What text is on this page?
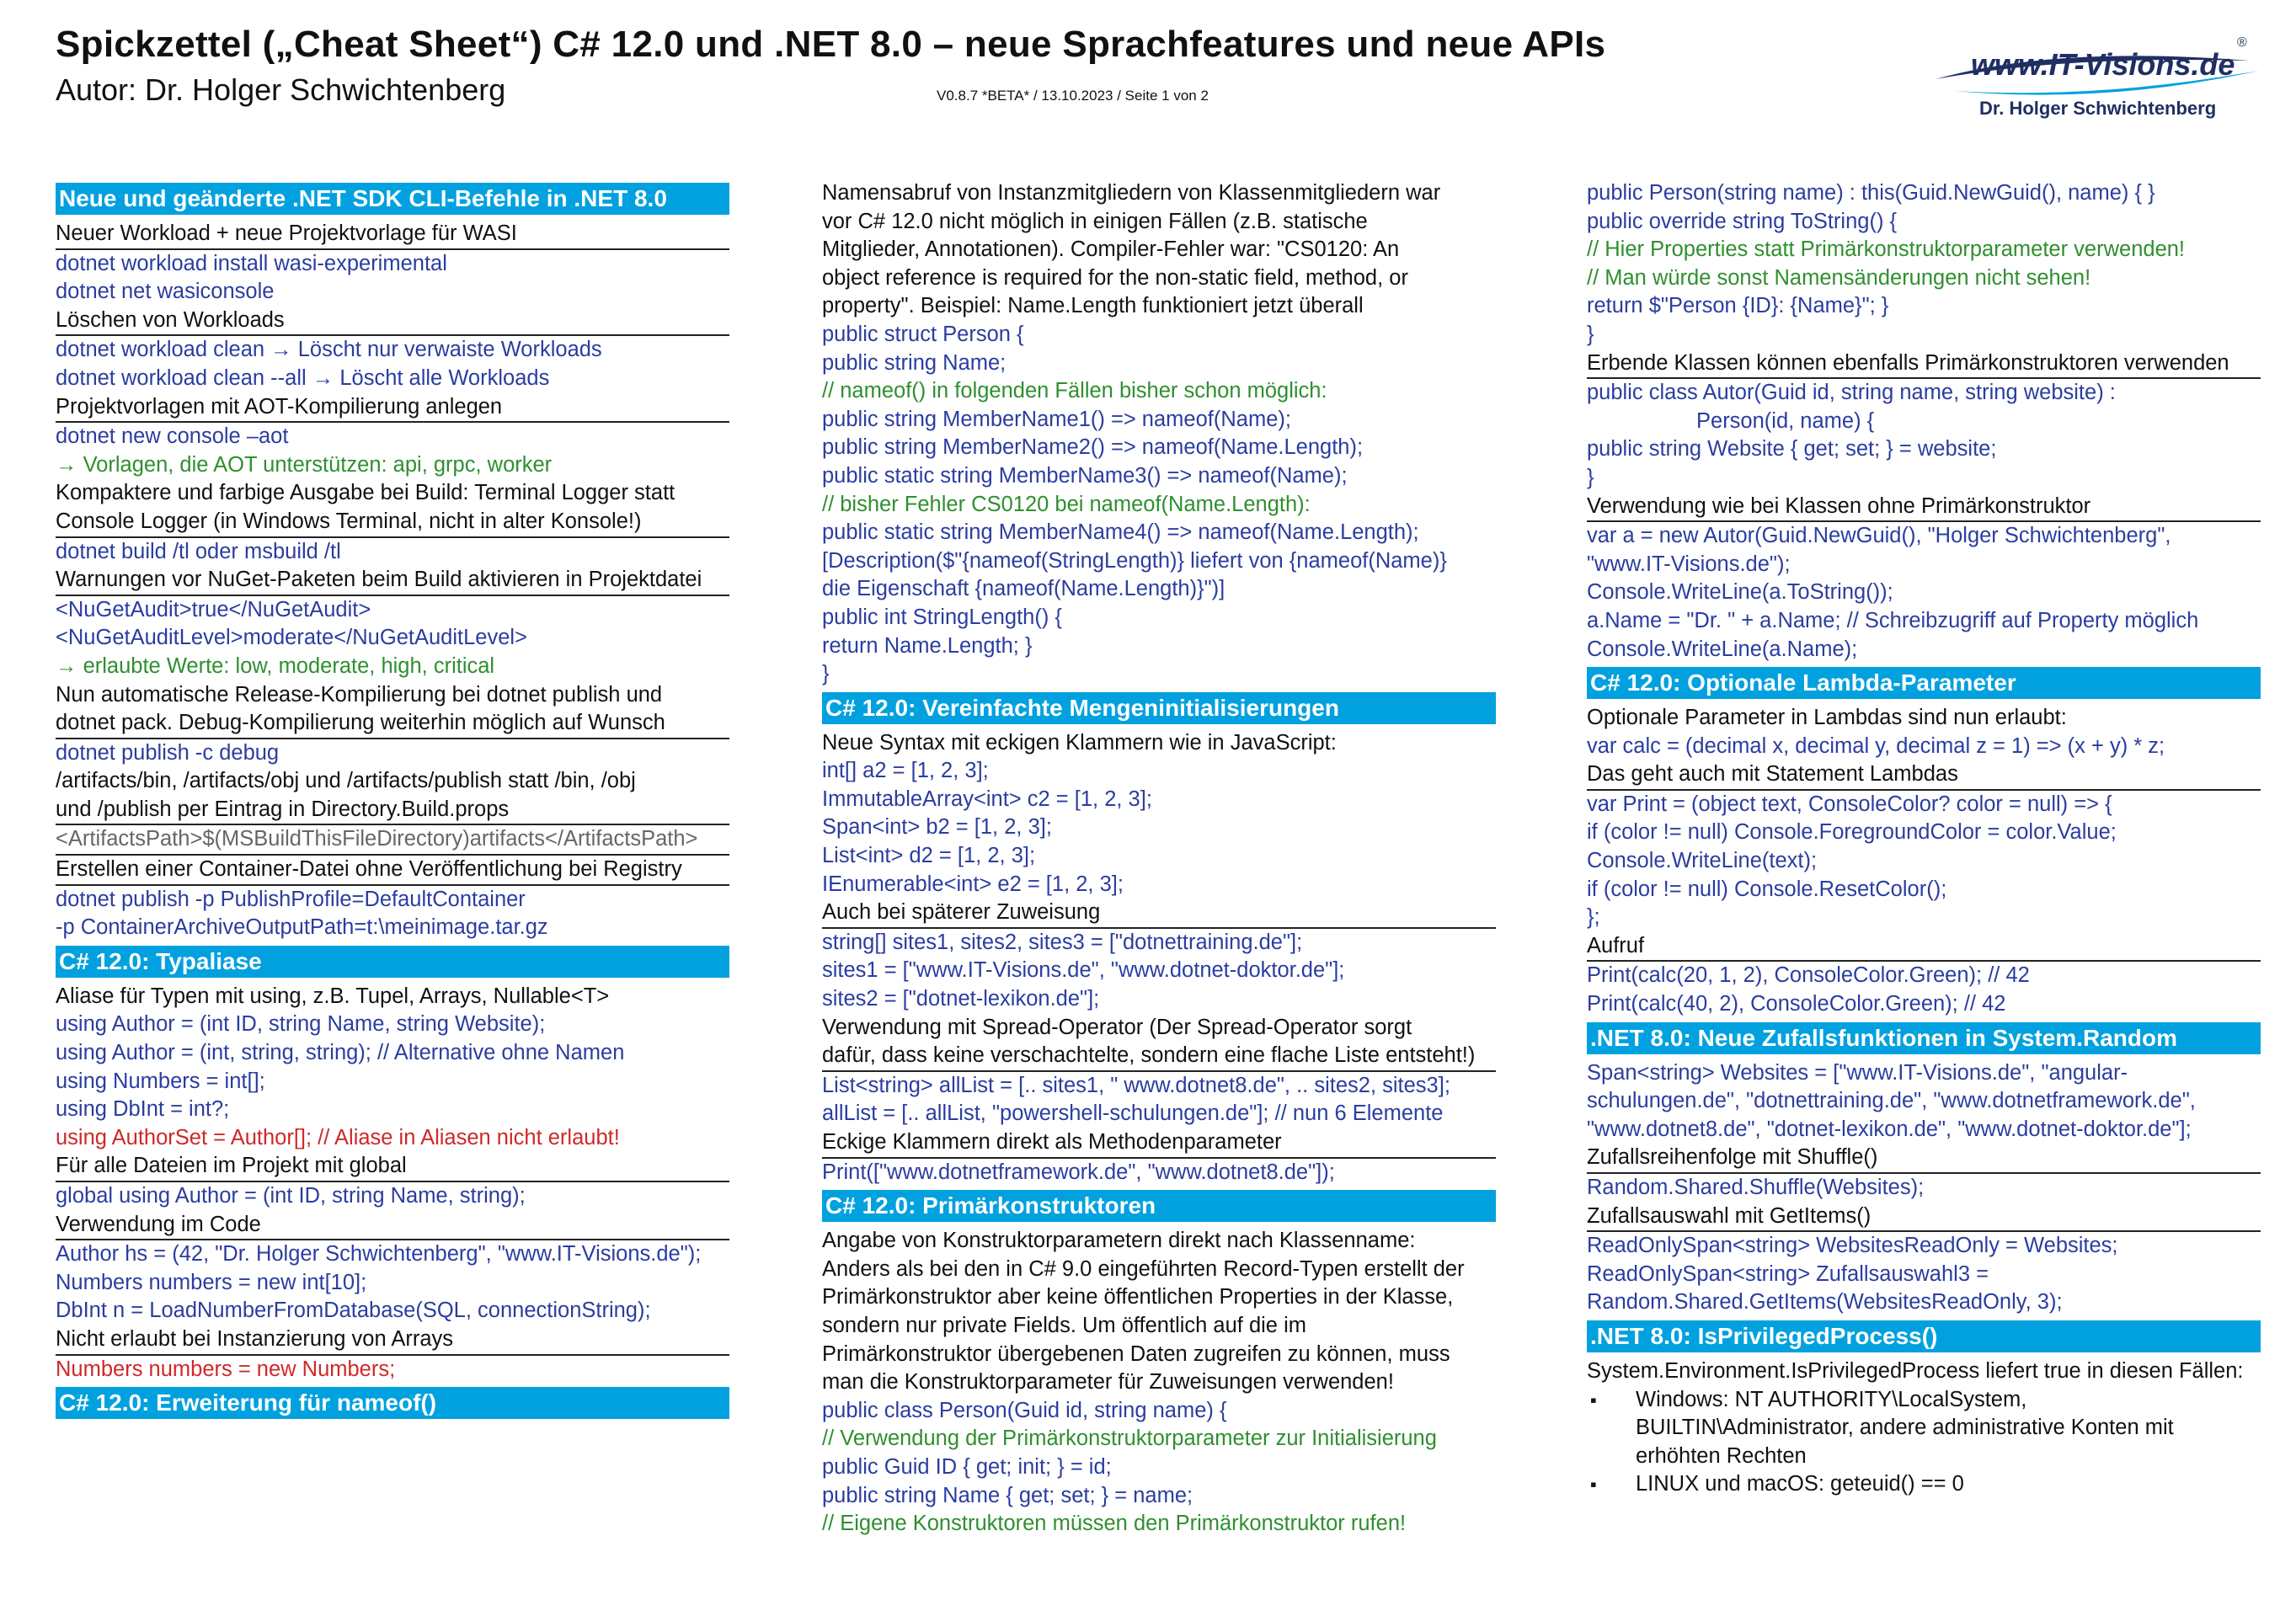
Spickzettel („Cheat Sheet“) C# 12.0 und .NET 8.0 – neue Sprachfeatures und neue APIs
Autor: Dr. Holger Schwichtenberg	V0.8.7 *BETA* / 13.10.2023 / Seite 1 von 2
www.IT-Visions.de
®
Dr. Holger Schwichtenberg
Neue und geänderte .NET SDK CLI-Befehle in .NET 8.0
Neuer Workload + neue Projektvorlage für WASI
dotnet workload install wasi-experimental
dotnet net wasiconsole
Löschen von Workloads
dotnet workload clean → Löscht nur verwaiste Workloads
dotnet workload clean --all → Löscht alle Workloads
Projektvorlagen mit AOT-Kompilierung anlegen
dotnet new console –aot
→ Vorlagen, die AOT unterstützen: api, grpc, worker
Kompaktere und farbige Ausgabe bei Build: Terminal Logger statt
Console Logger (in Windows Terminal, nicht in alter Konsole!)
dotnet build /tl oder msbuild /tl
Warnungen vor NuGet-Paketen beim Build aktivieren in Projektdatei
<NuGetAudit>true</NuGetAudit>
<NuGetAuditLevel>moderate</NuGetAuditLevel>
→ erlaubte Werte: low, moderate, high, critical
Nun automatische Release-Kompilierung bei dotnet publish und
dotnet pack. Debug-Kompilierung weiterhin möglich auf Wunsch
dotnet publish -c debug
/artifacts/bin, /artifacts/obj und /artifacts/publish statt /bin, /obj
und /publish per Eintrag in Directory.Build.props
<ArtifactsPath>$(MSBuildThisFileDirectory)artifacts</ArtifactsPath>
Erstellen einer Container-Datei ohne Veröffentlichung bei Registry
dotnet publish -p PublishProfile=DefaultContainer
-p ContainerArchiveOutputPath=t:\meinimage.tar.gz
C# 12.0: Typaliase
Aliase für Typen mit using, z.B. Tupel, Arrays, Nullable<T>
using Author = (int ID, string Name, string Website);
using Author = (int, string, string); // Alternative ohne Namen
using Numbers = int[];
using DbInt = int?;
using AuthorSet = Author[]; // Aliase in Aliasen nicht erlaubt!
Für alle Dateien im Projekt mit global
global using Author = (int ID, string Name, string);
Verwendung im Code
Author hs = (42, "Dr. Holger Schwichtenberg", "www.IT-Visions.de");
Numbers numbers = new int[10];
DbInt n = LoadNumberFromDatabase(SQL, connectionString);
Nicht erlaubt bei Instanzierung von Arrays
Numbers numbers = new Numbers;
C# 12.0: Erweiterung für nameof()
Namensabruf von Instanzmitgliedern von Klassenmitgliedern war
vor C# 12.0 nicht möglich in einigen Fällen (z.B. statische
Mitglieder, Annotationen). Compiler-Fehler war: "CS0120: An
object reference is required for the non-static field, method, or
property". Beispiel: Name.Length funktioniert jetzt überall
public struct Person {
public string Name;
// nameof() in folgenden Fällen bisher schon möglich:
public string MemberName1() => nameof(Name);
public string MemberName2() => nameof(Name.Length);
public static string MemberName3() => nameof(Name);
// bisher Fehler CS0120 bei nameof(Name.Length):
public static string MemberName4() => nameof(Name.Length);
[Description($"{nameof(StringLength)} liefert von {nameof(Name)}
die Eigenschaft {nameof(Name.Length)}")]
public int StringLength() {
return Name.Length; }
}
C# 12.0: Vereinfachte Mengeninitialisierungen
Neue Syntax mit eckigen Klammern wie in JavaScript:
int[] a2 = [1, 2, 3];
ImmutableArray<int> c2 = [1, 2, 3];
Span<int> b2 = [1, 2, 3];
List<int> d2 = [1, 2, 3];
IEnumerable<int> e2 = [1, 2, 3];
Auch bei späterer Zuweisung
string[] sites1, sites2, sites3 = ["dotnettraining.de"];
sites1 = ["www.IT-Visions.de", "www.dotnet-doktor.de"];
sites2 = ["dotnet-lexikon.de"];
Verwendung mit Spread-Operator (Der Spread-Operator sorgt
dafür, dass keine verschachtelte, sondern eine flache Liste entsteht!)
List<string> allList = [.. sites1, " www.dotnet8.de", .. sites2, sites3];
allList = [.. allList, "powershell-schulungen.de"]; // nun 6 Elemente
Eckige Klammern direkt als Methodenparameter
Print(["www.dotnetframework.de", "www.dotnet8.de"]);
C# 12.0: Primärkonstruktoren
Angabe von Konstruktorparametern direkt nach Klassenname:
Anders als bei den in C# 9.0 eingeführten Record-Typen erstellt der
Primärkonstruktor aber keine öffentlichen Properties in der Klasse,
sondern nur private Fields. Um öffentlich auf die im
Primärkonstruktor übergebenen Daten zugreifen zu können, muss
man die Konstruktorparameter für Zuweisungen verwenden!
public class Person(Guid id, string name) {
// Verwendung der Primärkonstruktorparameter zur Initialisierung
public Guid ID { get; init; } = id;
public string Name { get; set; } = name;
// Eigene Konstruktoren müssen den Primärkonstruktor rufen!
public Person(string name) : this(Guid.NewGuid(), name) { }
public override string ToString() {
// Hier Properties statt Primärkonstruktorparameter verwenden!
// Man würde sonst Namensänderungen nicht sehen!
return $"Person {ID}: {Name}"; }
}
Erbende Klassen können ebenfalls Primärkonstruktoren verwenden
public class Autor(Guid id, string name, string website) :
Person(id, name) {
public string Website { get; set; } = website;
}
Verwendung wie bei Klassen ohne Primärkonstruktor
var a = new Autor(Guid.NewGuid(), "Holger Schwichtenberg",
"www.IT-Visions.de");
Console.WriteLine(a.ToString());
a.Name = "Dr. " + a.Name; // Schreibzugriff auf Property möglich
Console.WriteLine(a.Name);
C# 12.0: Optionale Lambda-Parameter
Optionale Parameter in Lambdas sind nun erlaubt:
var calc = (decimal x, decimal y, decimal z = 1) => (x + y) * z;
Das geht auch mit Statement Lambdas
var Print = (object text, ConsoleColor? color = null) => {
if (color != null) Console.ForegroundColor = color.Value;
Console.WriteLine(text);
if (color != null) Console.ResetColor();
};
Aufruf
Print(calc(20, 1, 2), ConsoleColor.Green); // 42
Print(calc(40, 2), ConsoleColor.Green); // 42
.NET 8.0: Neue Zufallsfunktionen in System.Random
Span<string> Websites = ["www.IT-Visions.de", "angular-
schulungen.de", "dotnettraining.de", "www.dotnetframework.de",
"www.dotnet8.de", "dotnet-lexikon.de", "www.dotnet-doktor.de"];
Zufallsreihenfolge mit Shuffle()
Random.Shared.Shuffle(Websites);
Zufallsauswahl mit GetItems()
ReadOnlySpan<string> WebsitesReadOnly = Websites;
ReadOnlySpan<string> Zufallsauswahl3 =
Random.Shared.GetItems(WebsitesReadOnly, 3);
.NET 8.0: IsPrivilegedProcess()
System.Environment.IsPrivilegedProcess liefert true in diesen Fällen:
▪ Windows: NT AUTHORITY\LocalSystem,
BUILTIN\Administrator, andere administrative Konten mit
erhöhten Rechten
▪ LINUX und macOS: geteuid() == 0
